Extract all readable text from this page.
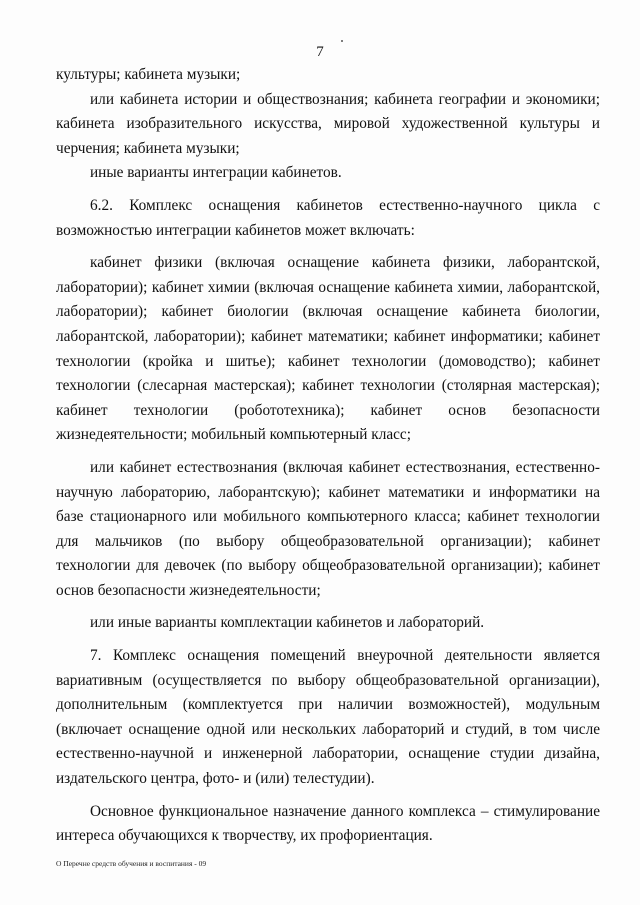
7

культуры; кабинета музыки;

или кабинета истории и обществознания; кабинета географии и экономики; кабинета изобразительного искусства, мировой художественной культуры и черчения; кабинета музыки;

иные варианты интеграции кабинетов.

6.2. Комплекс оснащения кабинетов естественно-научного цикла с возможностью интеграции кабинетов может включать:

кабинет физики (включая оснащение кабинета физики, лаборантской, лаборатории); кабинет химии (включая оснащение кабинета химии, лаборантской, лаборатории); кабинет биологии (включая оснащение кабинета биологии, лаборантской, лаборатории); кабинет математики; кабинет информатики; кабинет технологии (кройка и шитье); кабинет технологии (домоводство); кабинет технологии (слесарная мастерская); кабинет технологии (столярная мастерская); кабинет технологии (робототехника); кабинет основ безопасности жизнедеятельности; мобильный компьютерный класс;

или кабинет естествознания (включая кабинет естествознания, естественно-научную лабораторию, лаборантскую); кабинет математики и информатики на базе стационарного или мобильного компьютерного класса; кабинет технологии для мальчиков (по выбору общеобразовательной организации); кабинет технологии для девочек (по выбору общеобразовательной организации); кабинет основ безопасности жизнедеятельности;

или иные варианты комплектации кабинетов и лабораторий.

7. Комплекс оснащения помещений внеурочной деятельности является вариативным (осуществляется по выбору общеобразовательной организации), дополнительным (комплектуется при наличии возможностей), модульным (включает оснащение одной или нескольких лабораторий и студий, в том числе естественно-научной и инженерной лаборатории, оснащение студии дизайна, издательского центра, фото- и (или) телестудии).

Основное функциональное назначение данного комплекса – стимулирование интереса обучающихся к творчеству, их профориентация.

О Перечне средств обучения и воспитания - 09
